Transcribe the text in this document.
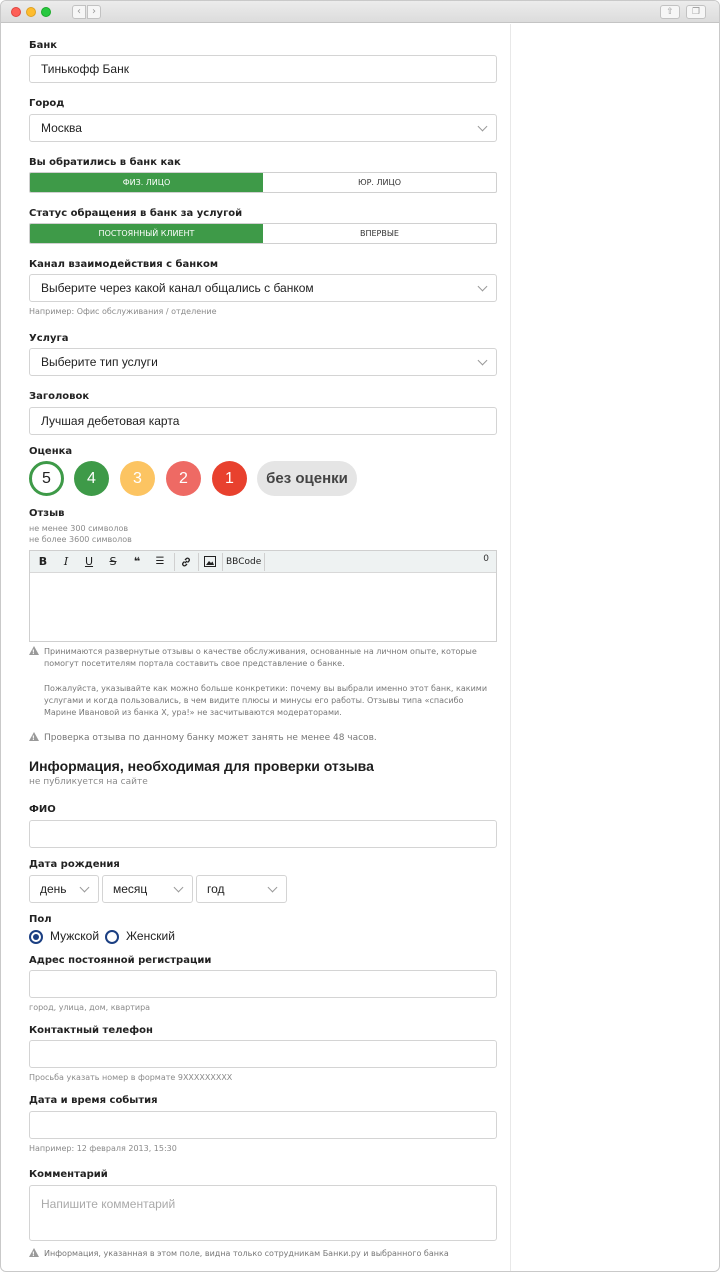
‹	›	⇧	❐
Банк
Тинькофф Банк
Город
Москва
Вы обратились в банк как
ФИЗ. ЛИЦО	ЮР. ЛИЦО
Статус обращения в банк за услугой
ПОСТОЯННЫЙ КЛИЕНТ	ВПЕРВЫЕ
Канал взаимодействия с банком
Выберите через какой канал общались с банком
Например: Офис обслуживания / отделение
Услуга
Выберите тип услуги
Заголовок
Лучшая дебетовая карта
Оценка
5	4	3	2	1	без оценки
Отзыв
не менее 300 символов
не более 3600 символов
B	I	U	S	❝	☰	BBCode	0
!
Принимаются развернутые отзывы о качестве обслуживания, основанные на личном опыте, которые помогут посетителям портала составить свое представление о банке.
Пожалуйста, указывайте как можно больше конкретики: почему вы выбрали именно этот банк, какими услугами и когда пользовались, в чем видите плюсы и минусы его работы. Отзывы типа «спасибо Марине Ивановой из банка Х, ура!» не засчитываются модераторами.
!
Проверка отзыва по данному банку может занять не менее 48 часов.
Информация, необходимая для проверки отзыва
не публикуется на сайте
ФИО
Дата рождения
день	месяц	год
Пол
Мужской Женский
Адрес постоянной регистрации
город, улица, дом, квартира
Контактный телефон
Просьба указать номер в формате 9XXXXXXXXX
Дата и время события
Например: 12 февраля 2013, 15:30
Комментарий
Напишите комментарий
!
Информация, указанная в этом поле, видна только сотрудникам Банки.ру и выбранного банка
